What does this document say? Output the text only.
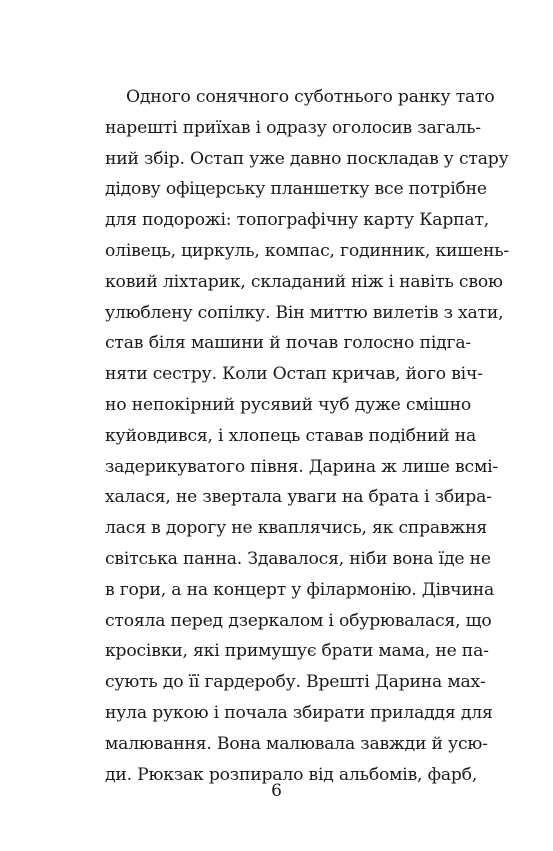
Одного сонячного суботнього ранку тато
нарешті приїхав і одразу оголосив загаль-
ний збір. Остап уже давно поскладав у стару
дідову офіцерську планшетку все потрібне
для подорожі: топографічну карту Карпат,
олівець, циркуль, компас, годинник, кишень-
ковий ліхтарик, складаний ніж і навіть свою
улюблену сопілку. Він миттю вилетів з хати,
став біля машини й почав голосно підга-
няти сестру. Коли Остап кричав, його віч-
но непокірний русявий чуб дуже смішно
куйовдився, і хлопець ставав подібний на
задерикуватого півня. Дарина ж лише всмі-
халася, не звертала уваги на брата і збира-
лася в дорогу не кваплячись, як справжня
світська панна. Здавалося, ніби вона їде не
в гори, а на концерт у філармонію. Дівчина
стояла перед дзеркалом і обурювалася, що
кросівки, які примушує брати мама, не па-
сують до її гардеробу. Врешті Дарина мах-
нула рукою і почала збирати приладдя для
малювання. Вона малювала завжди й усю-
ди. Рюкзак розпирало від альбомів, фарб,
6
